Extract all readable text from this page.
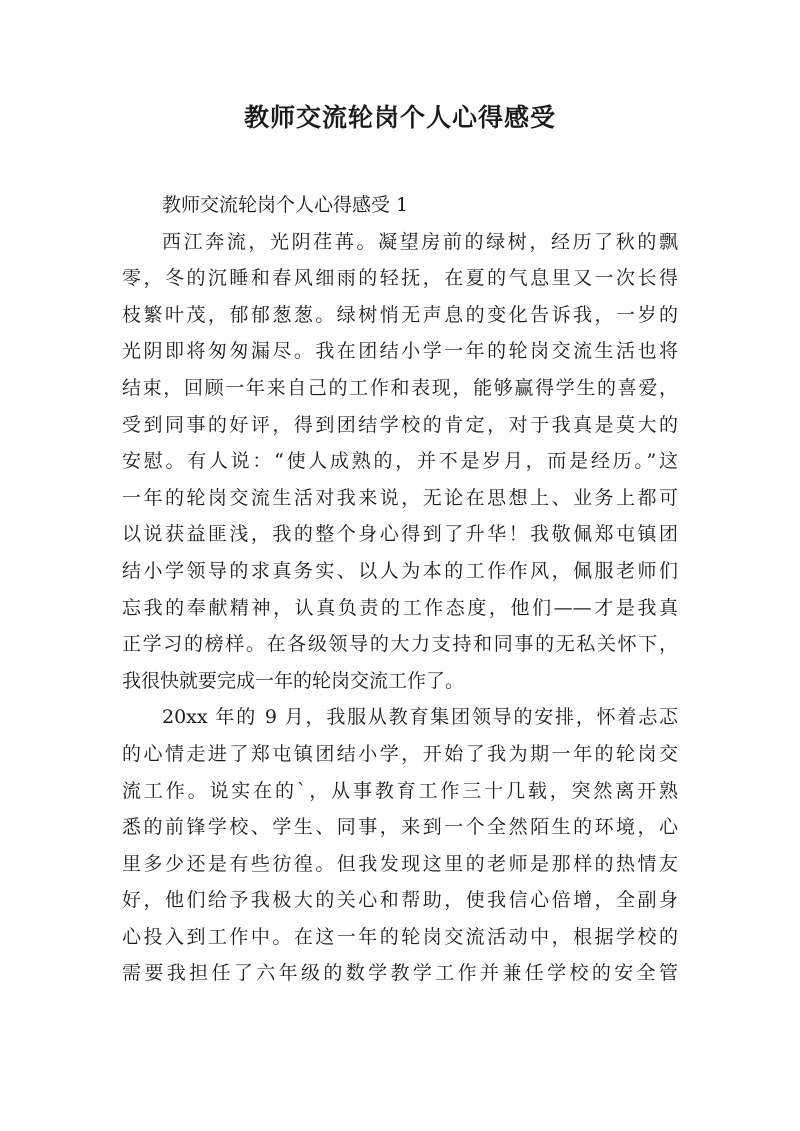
教师交流轮岗个人心得感受
教师交流轮岗个人心得感受 1
西江奔流，光阴荏苒。凝望房前的绿树，经历了秋的飘
零，冬的沉睡和春风细雨的轻抚，在夏的气息里又一次长得
枝繁叶茂，郁郁葱葱。绿树悄无声息的变化告诉我，一岁的
光阴即将匆匆漏尽。我在团结小学一年的轮岗交流生活也将
结束，回顾一年来自己的工作和表现，能够赢得学生的喜爱，
受到同事的好评，得到团结学校的肯定，对于我真是莫大的
安慰。有人说：“使人成熟的，并不是岁月，而是经历。”这
一年的轮岗交流生活对我来说，无论在思想上、业务上都可
以说获益匪浅，我的整个身心得到了升华！我敬佩郑屯镇团
结小学领导的求真务实、以人为本的工作作风，佩服老师们
忘我的奉献精神，认真负责的工作态度，他们——才是我真
正学习的榜样。在各级领导的大力支持和同事的无私关怀下，
我很快就要完成一年的轮岗交流工作了。
20xx 年的 9 月，我服从教育集团领导的安排，怀着忐忑
的心情走进了郑屯镇团结小学，开始了我为期一年的轮岗交
流工作。说实在的`，从事教育工作三十几载，突然离开熟
悉的前锋学校、学生、同事，来到一个全然陌生的环境，心
里多少还是有些彷徨。但我发现这里的老师是那样的热情友
好，他们给予我极大的关心和帮助，使我信心倍增，全副身
心投入到工作中。在这一年的轮岗交流活动中，根据学校的
需要我担任了六年级的数学教学工作并兼任学校的安全管
